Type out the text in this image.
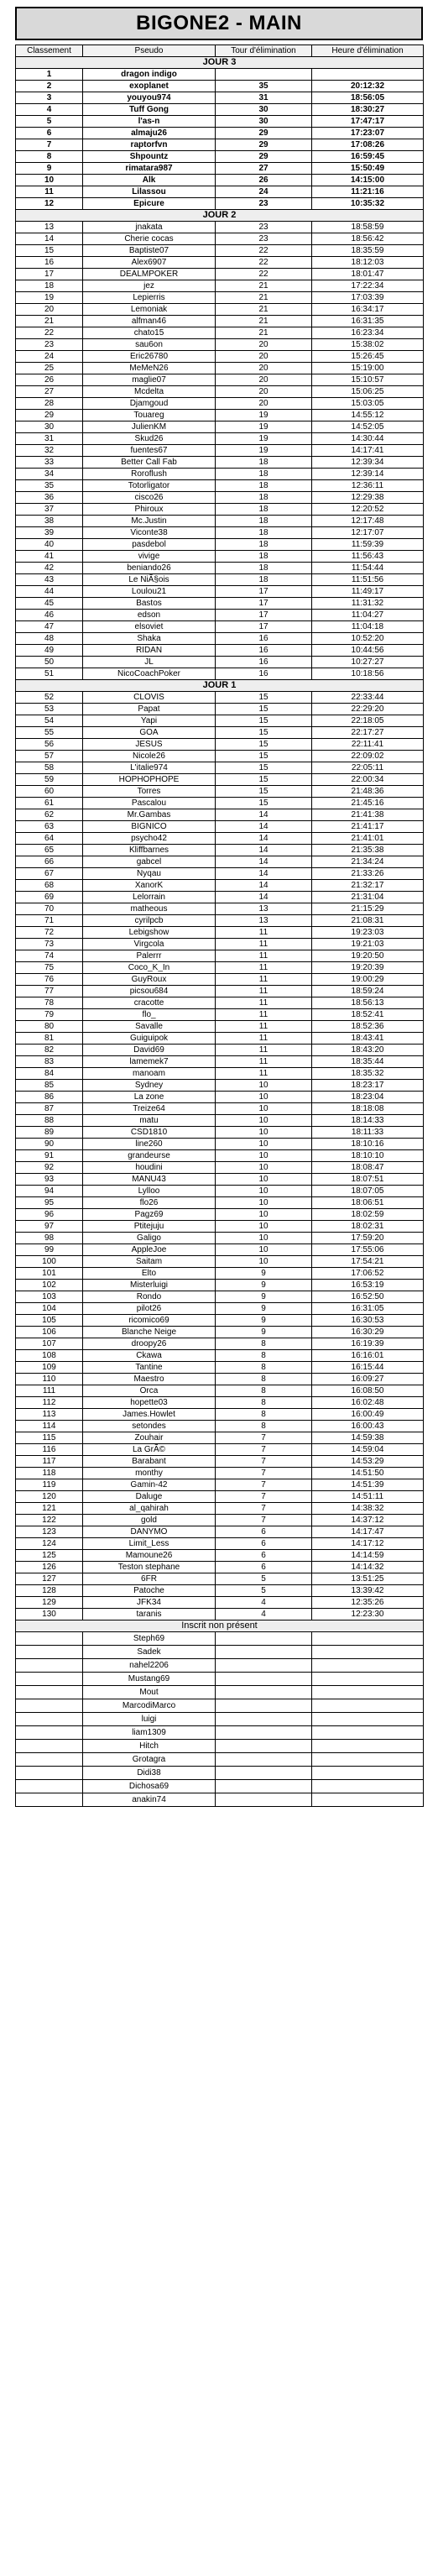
BIGONE2 - MAIN
Classement	Pseudo	Tour d'élimination	Heure d'élimination
JOUR 3			
1	dragon indigo		
2	exoplanet	35	20:12:32
3	youyou974	31	18:56:05
4	Tuff Gong	30	18:30:27
5	l'as-n	30	17:47:17
6	almaju26	29	17:23:07
7	raptorfvn	29	17:08:26
8	Shpountz	29	16:59:45
9	rimatara987	27	15:50:49
10	Alk	26	14:15:00
11	Lilassou	24	11:21:16
12	Epicure	23	10:35:32
JOUR 2			
13	jnakata	23	18:58:59
14	Cherie cocas	23	18:56:42
15	Baptiste07	22	18:35:59
16	Alex6907	22	18:12:03
17	DEALMPOKER	22	18:01:47
18	jez	21	17:22:34
19	Lepierris	21	17:03:39
20	Lemoniak	21	16:34:17
21	alfman46	21	16:31:35
22	chato15	21	16:23:34
23	sau6on	20	15:38:02
24	Eric26780	20	15:26:45
25	MeMeN26	20	15:19:00
26	maglie07	20	15:10:57
27	Mcdelta	20	15:06:25
28	Djamgoud	20	15:03:05
29	Touareg	19	14:55:12
30	JulienKM	19	14:52:05
31	Skud26	19	14:30:44
32	fuentes67	19	14:17:41
33	Better Call Fab	18	12:39:34
34	Roroflush	18	12:39:14
35	Totorligator	18	12:36:11
36	cisco26	18	12:29:38
37	Phiroux	18	12:20:52
38	Mc.Justin	18	12:17:48
39	Viconte38	18	12:17:07
40	pasdebol	18	11:59:39
41	vivige	18	11:56:43
42	beniando26	18	11:54:44
43	Le NiÃ§ois	18	11:51:56
44	Loulou21	17	11:49:17
45	Bastos	17	11:31:32
46	edson	17	11:04:27
47	elsoviet	17	11:04:18
48	Shaka	16	10:52:20
49	RIDAN	16	10:44:56
50	JL	16	10:27:27
51	NicoCoachPoker	16	10:18:56
JOUR 1			
52	CLOVIS	15	22:33:44
53	Papat	15	22:29:20
54	Yapi	15	22:18:05
55	GOA	15	22:17:27
56	JESUS	15	22:11:41
57	Nicole26	15	22:09:02
58	L'italie974	15	22:05:11
59	HOPHOPHOPE	15	22:00:34
60	Torres	15	21:48:36
61	Pascalou	15	21:45:16
62	Mr.Gambas	14	21:41:38
63	BIGNICO	14	21:41:17
64	psycho42	14	21:41:01
65	Kliffbarnes	14	21:35:38
66	gabcel	14	21:34:24
67	Nyqau	14	21:33:26
68	XanorK	14	21:32:17
69	Lelorrain	14	21:31:04
70	matheous	13	21:15:29
71	cyrilpcb	13	21:08:31
72	Lebigshow	11	19:23:03
73	Virgcola	11	19:21:03
74	Palerrr	11	19:20:50
75	Coco_K_In	11	19:20:39
76	GuyRoux	11	19:00:29
77	picsou684	11	18:59:24
78	cracotte	11	18:56:13
79	flo_	11	18:52:41
80	Savalle	11	18:52:36
81	Guiguipok	11	18:43:41
82	David69	11	18:43:20
83	lamemek7	11	18:35:44
84	manoam	11	18:35:32
85	Sydney	10	18:23:17
86	La zone	10	18:23:04
87	Treize64	10	18:18:08
88	matu	10	18:14:33
89	CSD1810	10	18:11:33
90	line260	10	18:10:16
91	grandeurse	10	18:10:10
92	houdini	10	18:08:47
93	MANU43	10	18:07:51
94	Lylloo	10	18:07:05
95	flo26	10	18:06:51
96	Pagz69	10	18:02:59
97	Ptitejuju	10	18:02:31
98	Galigo	10	17:59:20
99	AppleJoe	10	17:55:06
100	Saitam	10	17:54:21
101	Elto	9	17:06:52
102	Misterluigi	9	16:53:19
103	Rondo	9	16:52:50
104	pilot26	9	16:31:05
105	ricomico69	9	16:30:53
106	Blanche Neige	9	16:30:29
107	droopy26	8	16:19:39
108	Ckawa	8	16:16:01
109	Tantine	8	16:15:44
110	Maestro	8	16:09:27
111	Orca	8	16:08:50
112	hopette03	8	16:02:48
113	James.Howlet	8	16:00:49
114	setondes	8	16:00:43
115	Zouhair	7	14:59:38
116	La GrÃ©	7	14:59:04
117	Barabant	7	14:53:29
118	monthy	7	14:51:50
119	Gamin-42	7	14:51:39
120	Daluge	7	14:51:11
121	al_qahirah	7	14:38:32
122	gold	7	14:37:12
123	DANYMO	6	14:17:47
124	Limit_Less	6	14:17:12
125	Mamoune26	6	14:14:59
126	Teston stephane	6	14:14:32
127	6FR	5	13:51:25
128	Patoche	5	13:39:42
129	JFK34	4	12:35:26
130	taranis	4	12:23:30
Inscrit non présent			
	Steph69		
	Sadek		
	nahel2206		
	Mustang69		
	Mout		
	MarcodiMarco		
	luigi		
	liam1309		
	Hitch		
	Grotagra		
	Didi38		
	Dichosa69		
	anakin74		
